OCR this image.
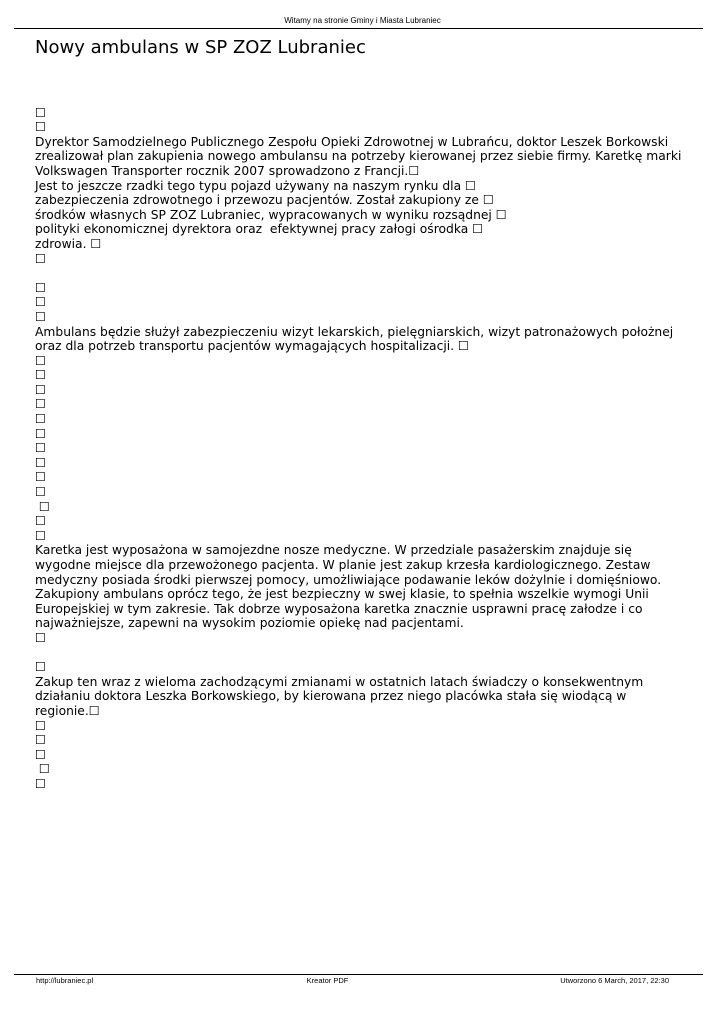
Witamy na stronie Gminy i Miasta Lubraniec
Nowy ambulans w SP ZOZ Lubraniec

☐
☐
Dyrektor Samodzielnego Publicznego Zespołu Opieki Zdrowotnej w Lubrańcu, doktor Leszek Borkowski
zrealizował plan zakupienia nowego ambulansu na potrzeby kierowanej przez siebie firmy. Karetkę marki
Volkswagen Transporter rocznik 2007 sprowadzono z Francji.☐
Jest to jeszcze rzadki tego typu pojazd używany na naszym rynku dla ☐
zabezpieczenia zdrowotnego i przewozu pacjentów. Został zakupiony ze ☐
środków własnych SP ZOZ Lubraniec, wypracowanych w wyniku rozsądnej ☐
polityki ekonomicznej dyrektora oraz  efektywnej pracy załogi ośrodka ☐
zdrowia. ☐
☐

☐
☐
☐
Ambulans będzie służył zabezpieczeniu wizyt lekarskich, pielęgniarskich, wizyt patronażowych położnej
oraz dla potrzeb transportu pacjentów wymagających hospitalizacji. ☐
☐
☐
☐
☐
☐
☐
☐
☐
☐
☐
☐
☐
☐
Karetka jest wyposażona w samojezdne nosze medyczne. W przedziale pasażerskim znajduje się
wygodne miejsce dla przewożonego pacjenta. W planie jest zakup krzesła kardiologicznego. Zestaw
medyczny posiada środki pierwszej pomocy, umożliwiające podawanie leków dożylnie i domięśniowo.
Zakupiony ambulans oprócz tego, że jest bezpieczny w swej klasie, to spełnia wszelkie wymogi Unii
Europejskiej w tym zakresie. Tak dobrze wyposażona karetka znacznie usprawni pracę załodze i co
najważniejsze, zapewni na wysokim poziomie opiekę nad pacjentami.
☐

☐
Zakup ten wraz z wieloma zachodzącymi zmianami w ostatnich latach świadczy o konsekwentnym
działaniu doktora Leszka Borkowskiego, by kierowana przez niego placówka stała się wiodącą w
regionie.☐
☐
☐
☐
☐
☐
http://lubraniec.pl	Kreator PDF	Utworzono 6 March, 2017, 22:30
